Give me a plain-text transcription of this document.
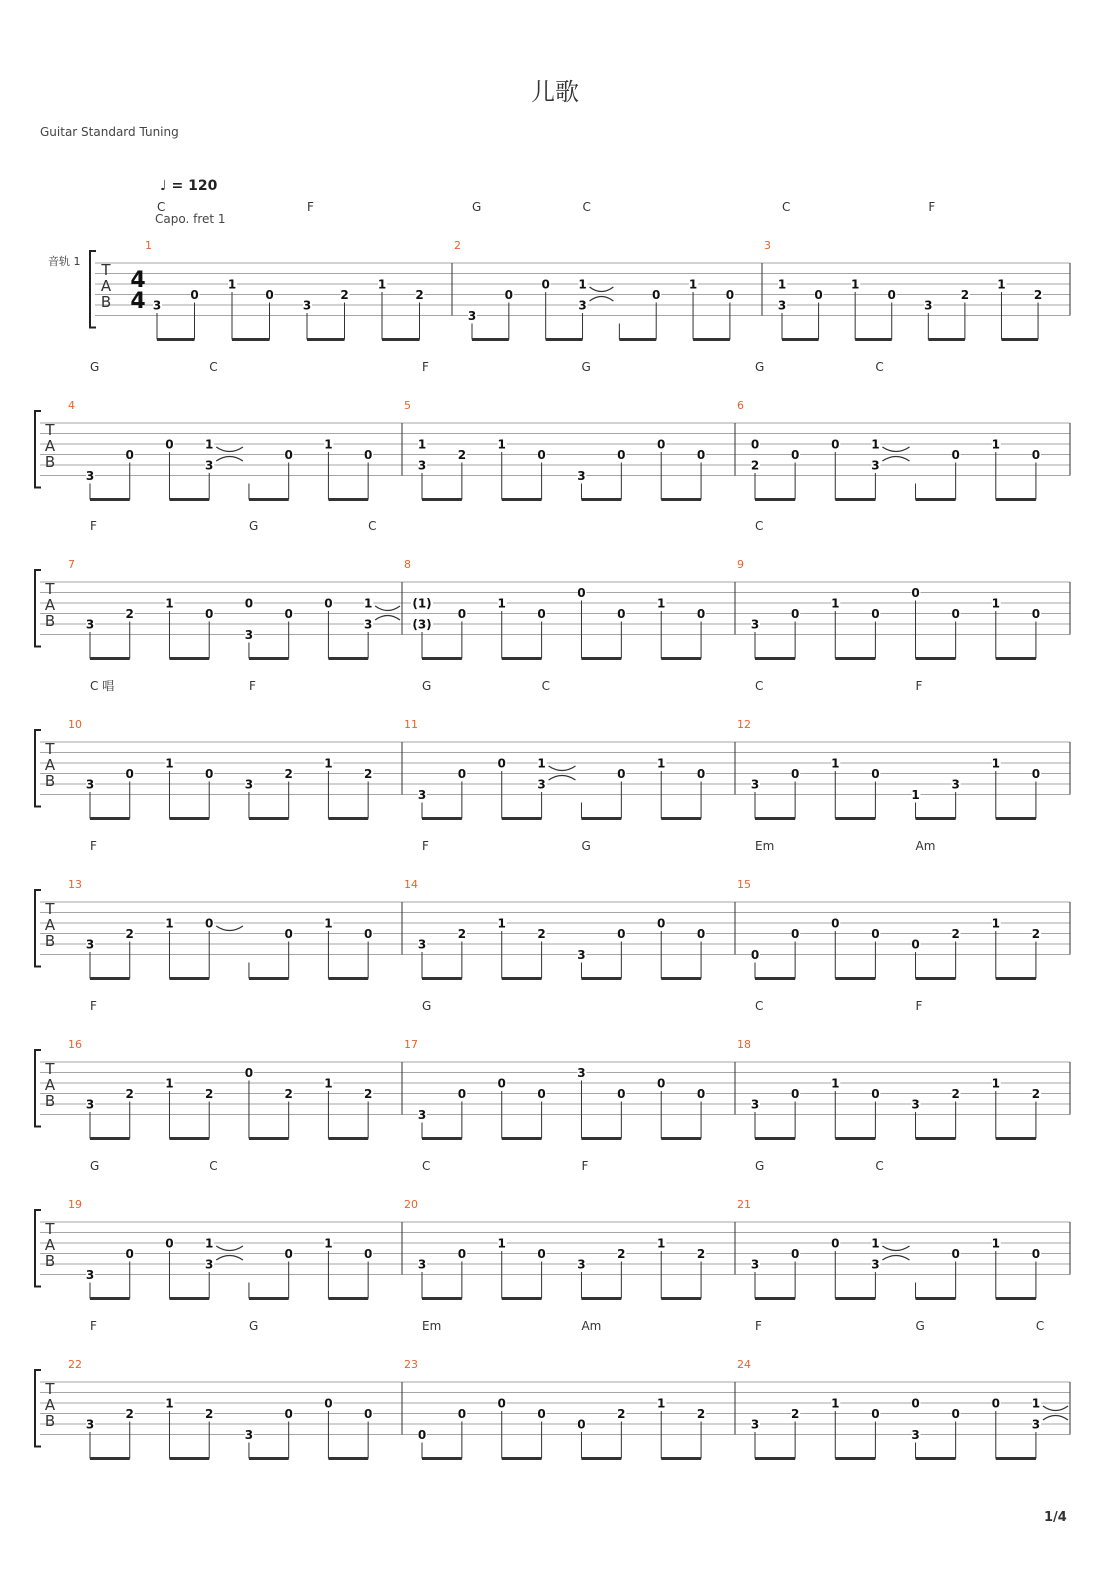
儿歌
Guitar Standard Tuning
♩ = 120
Capo. fret 1
音轨 1
1/4
T
A
B
4
4
1
C	F
3
0
1
0
3
2
1
2
2
G	C
3
0
0 1
3
0
1
0
3
C	F
1
3
0
1
0
3
2
1
2
T
A
B
4
G	C
3
0
0	1
3
0
1
0
5
F	G
1
3
2
1
0
3
0
0
0
6
G	C
0
2
0
0	1
3
0
1
0
T
A
B
7
F	G	C
3
2
1
0
3
0
0
0	1
3
8
(1)
(3)
0
1
0
0
0
1
0
9
C
3
0
1
0
0
0
1
0
T
A
B
10
C 唱	F
3
0
1
0
3
2
1
2
11
G	C
3
0
0	1
3
0
1
0
12
C	F
3
0
1
0
1
3
1
0
T
A
B
13
F
3
2
1	0
0
1
0
14
F	G
3
2
1
2
3
0
0
0
15
Em	Am
0
0
0
0
0
2
1
2
T
A
B
16
F
3
2
1
2
0
2
1
2
17
G
3
0
0
0
3
0
0
0
18
C	F
3
0
1
0
3
2
1
2
T
A
B
19
G	C
3
0
0	1
3
0
1
0
20
C	F
3
0
1
0
3
2
1
2
21
G	C
3
0
0	1
3
0
1
0
T
A
B
22
F	G
3
2
1
2
3
0
0
0
23
Em	Am
0
0
0
0
0
2
1
2
24
F	G	C
3
2
1
0
3
0
0
0	1
3
